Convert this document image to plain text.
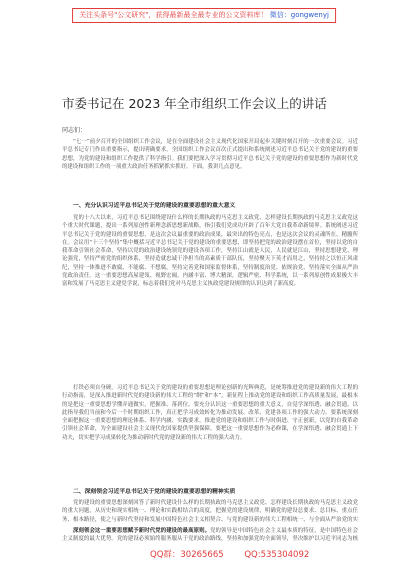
关注头条号"公文研究"，获得最新最全最专业的公文资料库！ 微信：gongwenyj
市委书记在 2023 年全市组织工作会议上的讲话
同志们：

“七一”前夕召开的全国组织工作会议，是在全面建设社会主义现代化国家开局起步关键时刻召开的一次重要会议。习近平总书记专门作出重要指示，提出明确要求。全国组织工作会议首次正式提出和系统阐述习近平总书记关于党的建设的重要思想，为党的建设和组织工作提供了科学指引。我们要把深入学习贯彻习近平总书记关于党的建设的重要思想作为新时代党的建设和组织工作的一项重大政治任务抓紧抓实抓好。下面，我讲几点意见。

一、充分认识习近平总书记关于党的建设的重要思想的重大意义

党的十八大以来，习近平总书记围绕建设什么样的长期执政的马克思主义政党、怎样建设长期执政的马克思主义政党这个重大时代课题，提出一系列原创性新理念新思想新战略，指引我们党成功开辟了百年大党自我革命新境界。系统阐述习近平总书记关于党的建设的重要思想，是这次会议最重要的政治成果，最突出的特色亮点，也是这次会议的灵魂所在、精髓所在。会议用“十三个坚持”集中概括习近平总书记关于党的建设的重要思想，即坚持把党的政治建设摆在首位，坚持以党的自我革命引领社会革命，坚持以党的政治建设统领党的建设各项工作，坚持江山就是人民、人民就是江山，坚持思想建党、理论强党，坚持严密党的组织体系，坚持造就忠诚干净担当的高素质干部队伍，坚持聚天下英才而用之，坚持持之以恒正风肃纪，坚持一体推进不敢腐、不能腐、不想腐，坚持完善党和国家监督体系，坚持制度治党、依规治党，坚持落实全面从严治党政治责任。这一重要思想高屋建瓴、视野宏阔，内涵丰富、博大精深，逻辑严密、科学系统，以一系列原创性成果极大丰富和发展了马克思主义建党学说，标志着我们党对马克思主义执政党建设规律的认识达到了新高度。

打铁必须自身硬。习近平总书记关于党的建设的重要思想是理论创新的光辉典范，是统筹推进党的建设新的伟大工程的行动指南，是深入推进新时代党的建设新的伟大工程的“纲”和“本”，新征程上推动党的建设和组织工作高质量发展，最根本的是把这一重要思想学懂弄通做实，把握准、落到位。要充分认识这一重要思想的重大意义，自觉学深悟透、融会贯通，以此指导我们当前和今后一个时期组织工作，真正把学习成效转化为推动发展、改革、党建各项工作的强大动力。要系统深刻全面把握这一重要思想的理论体系、科学内涵、实践要求，推进党的建设和组织工作与时俱进、守正创新，以党的自我革命引领社会革命，为全面建设社会主义现代化国家提供坚强保障。要把这一重要思想作为必修课，在学深悟透、融会贯通上下功夫，切实把学习成果转化为推动新时代党的建设新的伟大工程的强大动力。

二、深刻领会习近平总书记关于党的建设的重要思想的精神实质

党的建设的重要思想深刻回答了新时代建设什么样的长期执政的马克思主义政党、怎样建设长期执政的马克思主义政党的重大问题，从历史和现实相统一、理论和实践相结合的高度，把握党的建设规律，明确党的建设总要求、总目标、重点任务、根本路径，使之与新时代坚持和发展中国特色社会主义相契合、与党的建设新的伟大工程相统一、与全面从严治党的实

深刻领会这一重要思想赋予新时代党的建设的最高原则。党的领导是中国特色社会主义最本质的特征，是中国特色社会主义制度的最大优势。党的建设必须始终服务服从于党的政治路线，坚持和加强党的全面领导，坚决维护以习近平同志为核

QQ群：30265665 QQ:535304092
